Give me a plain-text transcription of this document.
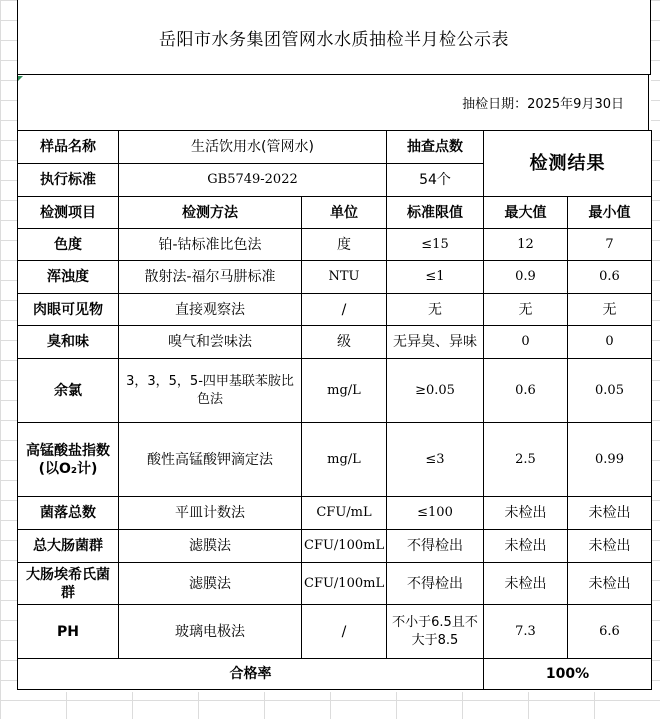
岳阳市水务集团管网水水质抽检半月检公示表
抽检日期：2025年9月30日
样品名称	生活饮用水(管网水)		抽查点数	检测结果	
执行标准	GB5749-2022		54个		
检测项目	检测方法	单位	标准限值	最大值	最小值
色度	铂-钴标准比色法	度	≤15	12	7
浑浊度	散射法-福尔马肼标准	NTU	≤1	0.9	0.6
肉眼可见物	直接观察法	/	无	无	无
臭和味	嗅气和尝味法	级	无异臭、异味	0	0
余氯	3，3，5，5-四甲基联苯胺比色法	mg/L	≥0.05	0.6	0.05
高锰酸盐指数(以O₂计)	酸性高锰酸钾滴定法	mg/L	≤3	2.5	0.99
菌落总数	平皿计数法	CFU/mL	≤100	未检出	未检出
总大肠菌群	滤膜法	CFU/100mL	不得检出	未检出	未检出
大肠埃希氏菌群	滤膜法	CFU/100mL	不得检出	未检出	未检出
PH	玻璃电极法	/	不小于6.5且不大于8.5	7.3	6.6
合格率				100%	
